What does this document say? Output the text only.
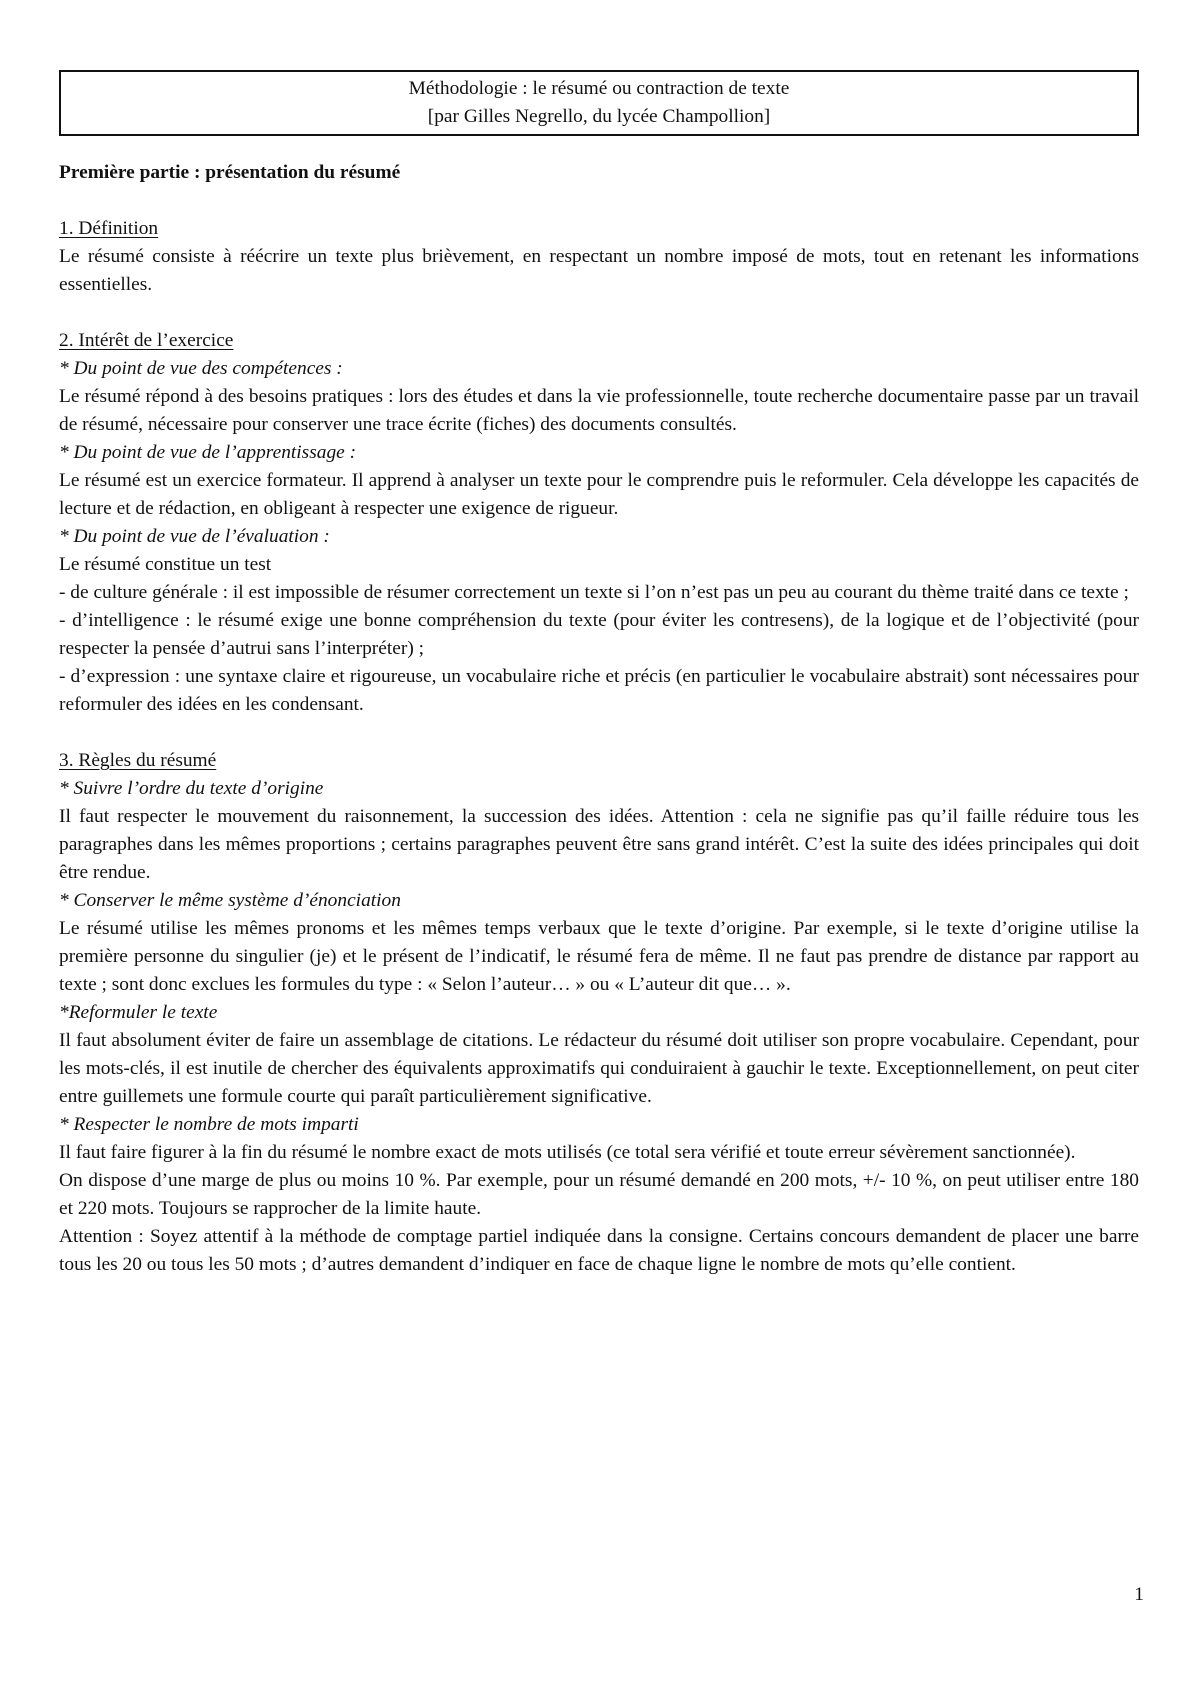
Méthodologie : le résumé ou contraction de texte
[par Gilles Negrello, du lycée Champollion]
Première partie : présentation du résumé
1. Définition

Le résumé consiste à réécrire un texte plus brièvement, en respectant un nombre imposé de mots, tout en retenant les informations essentielles.

2. Intérêt de l’exercice
* Du point de vue des compétences :

Le résumé répond à des besoins pratiques : lors des études et dans la vie professionnelle, toute recherche documentaire passe par un travail de résumé, nécessaire pour conserver une trace écrite (fiches) des documents consultés.

* Du point de vue de l’apprentissage :

Le résumé est un exercice formateur. Il apprend à analyser un texte pour le comprendre puis le reformuler. Cela développe les capacités de lecture et de rédaction, en obligeant à respecter une exigence de rigueur.

* Du point de vue de l’évaluation :

Le résumé constitue un test

- de culture générale : il est impossible de résumer correctement un texte si l’on n’est pas un peu au courant du thème traité dans ce texte ;

- d’intelligence : le résumé exige une bonne compréhension du texte (pour éviter les contresens), de la logique et de l’objectivité (pour respecter la pensée d’autrui sans l’interpréter) ;

- d’expression : une syntaxe claire et rigoureuse, un vocabulaire riche et précis (en particulier le vocabulaire abstrait) sont nécessaires pour reformuler des idées en les condensant.

3. Règles du résumé
* Suivre l’ordre du texte d’origine

Il faut respecter le mouvement du raisonnement, la succession des idées. Attention : cela ne signifie pas qu’il faille réduire tous les paragraphes dans les mêmes proportions ; certains paragraphes peuvent être sans grand intérêt. C’est la suite des idées principales qui doit être rendue.

* Conserver le même système d’énonciation

Le résumé utilise les mêmes pronoms et les mêmes temps verbaux que le texte d’origine. Par exemple, si le texte d’origine utilise la première personne du singulier (je) et le présent de l’indicatif, le résumé fera de même. Il ne faut pas prendre de distance par rapport au texte ; sont donc exclues les formules du type : « Selon l’auteur… » ou « L’auteur dit que… ».

*Reformuler le texte

Il faut absolument éviter de faire un assemblage de citations. Le rédacteur du résumé doit utiliser son propre vocabulaire. Cependant, pour les mots-clés, il est inutile de chercher des équivalents approximatifs qui conduiraient à gauchir le texte. Exceptionnellement, on peut citer entre guillemets une formule courte qui paraît particulièrement significative.

* Respecter le nombre de mots imparti

Il faut faire figurer à la fin du résumé le nombre exact de mots utilisés (ce total sera vérifié et toute erreur sévèrement sanctionnée).

On dispose d’une marge de plus ou moins 10 %. Par exemple, pour un résumé demandé en 200 mots, +/- 10 %, on peut utiliser entre 180 et 220 mots. Toujours se rapprocher de la limite haute.

Attention : Soyez attentif à la méthode de comptage partiel indiquée dans la consigne. Certains concours demandent de placer une barre tous les 20 ou tous les 50 mots ; d’autres demandent d’indiquer en face de chaque ligne le nombre de mots qu’elle contient.

1
